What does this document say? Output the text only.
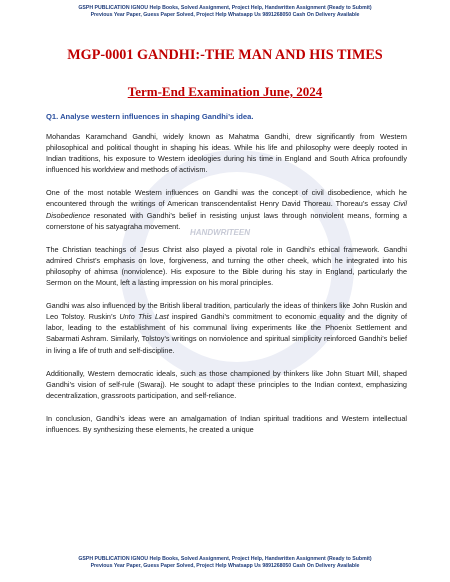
HANDWRITEEN
GSPH PUBLICATION IGNOU Help Books, Solved Assignment, Project Help, Handwritten Assignment (Ready to Submit)
Previous Year Paper, Guess Paper Solved, Project Help Whatsapp Us 9891268050 Cash On Delivery Available
MGP-0001 GANDHI:-THE MAN AND HIS TIMES
Term-End Examination June, 2024

Q1. Analyse western influences in shaping Gandhi’s idea.

Mohandas Karamchand Gandhi, widely known as Mahatma Gandhi, drew significantly from Western philosophical and political thought in shaping his ideas. While his life and philosophy were deeply rooted in Indian traditions, his exposure to Western ideologies during his time in England and South Africa profoundly influenced his worldview and methods of activism.

One of the most notable Western influences on Gandhi was the concept of civil disobedience, which he encountered through the writings of American transcendentalist Henry David Thoreau. Thoreau’s essay Civil Disobedience resonated with Gandhi’s belief in resisting unjust laws through nonviolent means, forming a cornerstone of his satyagraha movement.

The Christian teachings of Jesus Christ also played a pivotal role in Gandhi’s ethical framework. Gandhi admired Christ’s emphasis on love, forgiveness, and turning the other cheek, which he integrated into his philosophy of ahimsa (nonviolence). His exposure to the Bible during his stay in England, particularly the Sermon on the Mount, left a lasting impression on his moral principles.

Gandhi was also influenced by the British liberal tradition, particularly the ideas of thinkers like John Ruskin and Leo Tolstoy. Ruskin’s Unto This Last inspired Gandhi’s commitment to economic equality and the dignity of labor, leading to the establishment of his communal living experiments like the Phoenix Settlement and Sabarmati Ashram. Similarly, Tolstoy’s writings on nonviolence and spiritual simplicity reinforced Gandhi’s belief in living a life of truth and self-discipline.

Additionally, Western democratic ideals, such as those championed by thinkers like John Stuart Mill, shaped Gandhi’s vision of self-rule (Swaraj). He sought to adapt these principles to the Indian context, emphasizing decentralization, grassroots participation, and self-reliance.

In conclusion, Gandhi’s ideas were an amalgamation of Indian spiritual traditions and Western intellectual influences. By synthesizing these elements, he created a unique

GSPH PUBLICATION IGNOU Help Books, Solved Assignment, Project Help, Handwritten Assignment (Ready to Submit)
Previous Year Paper, Guess Paper Solved, Project Help Whatsapp Us 9891268050 Cash On Delivery Available
